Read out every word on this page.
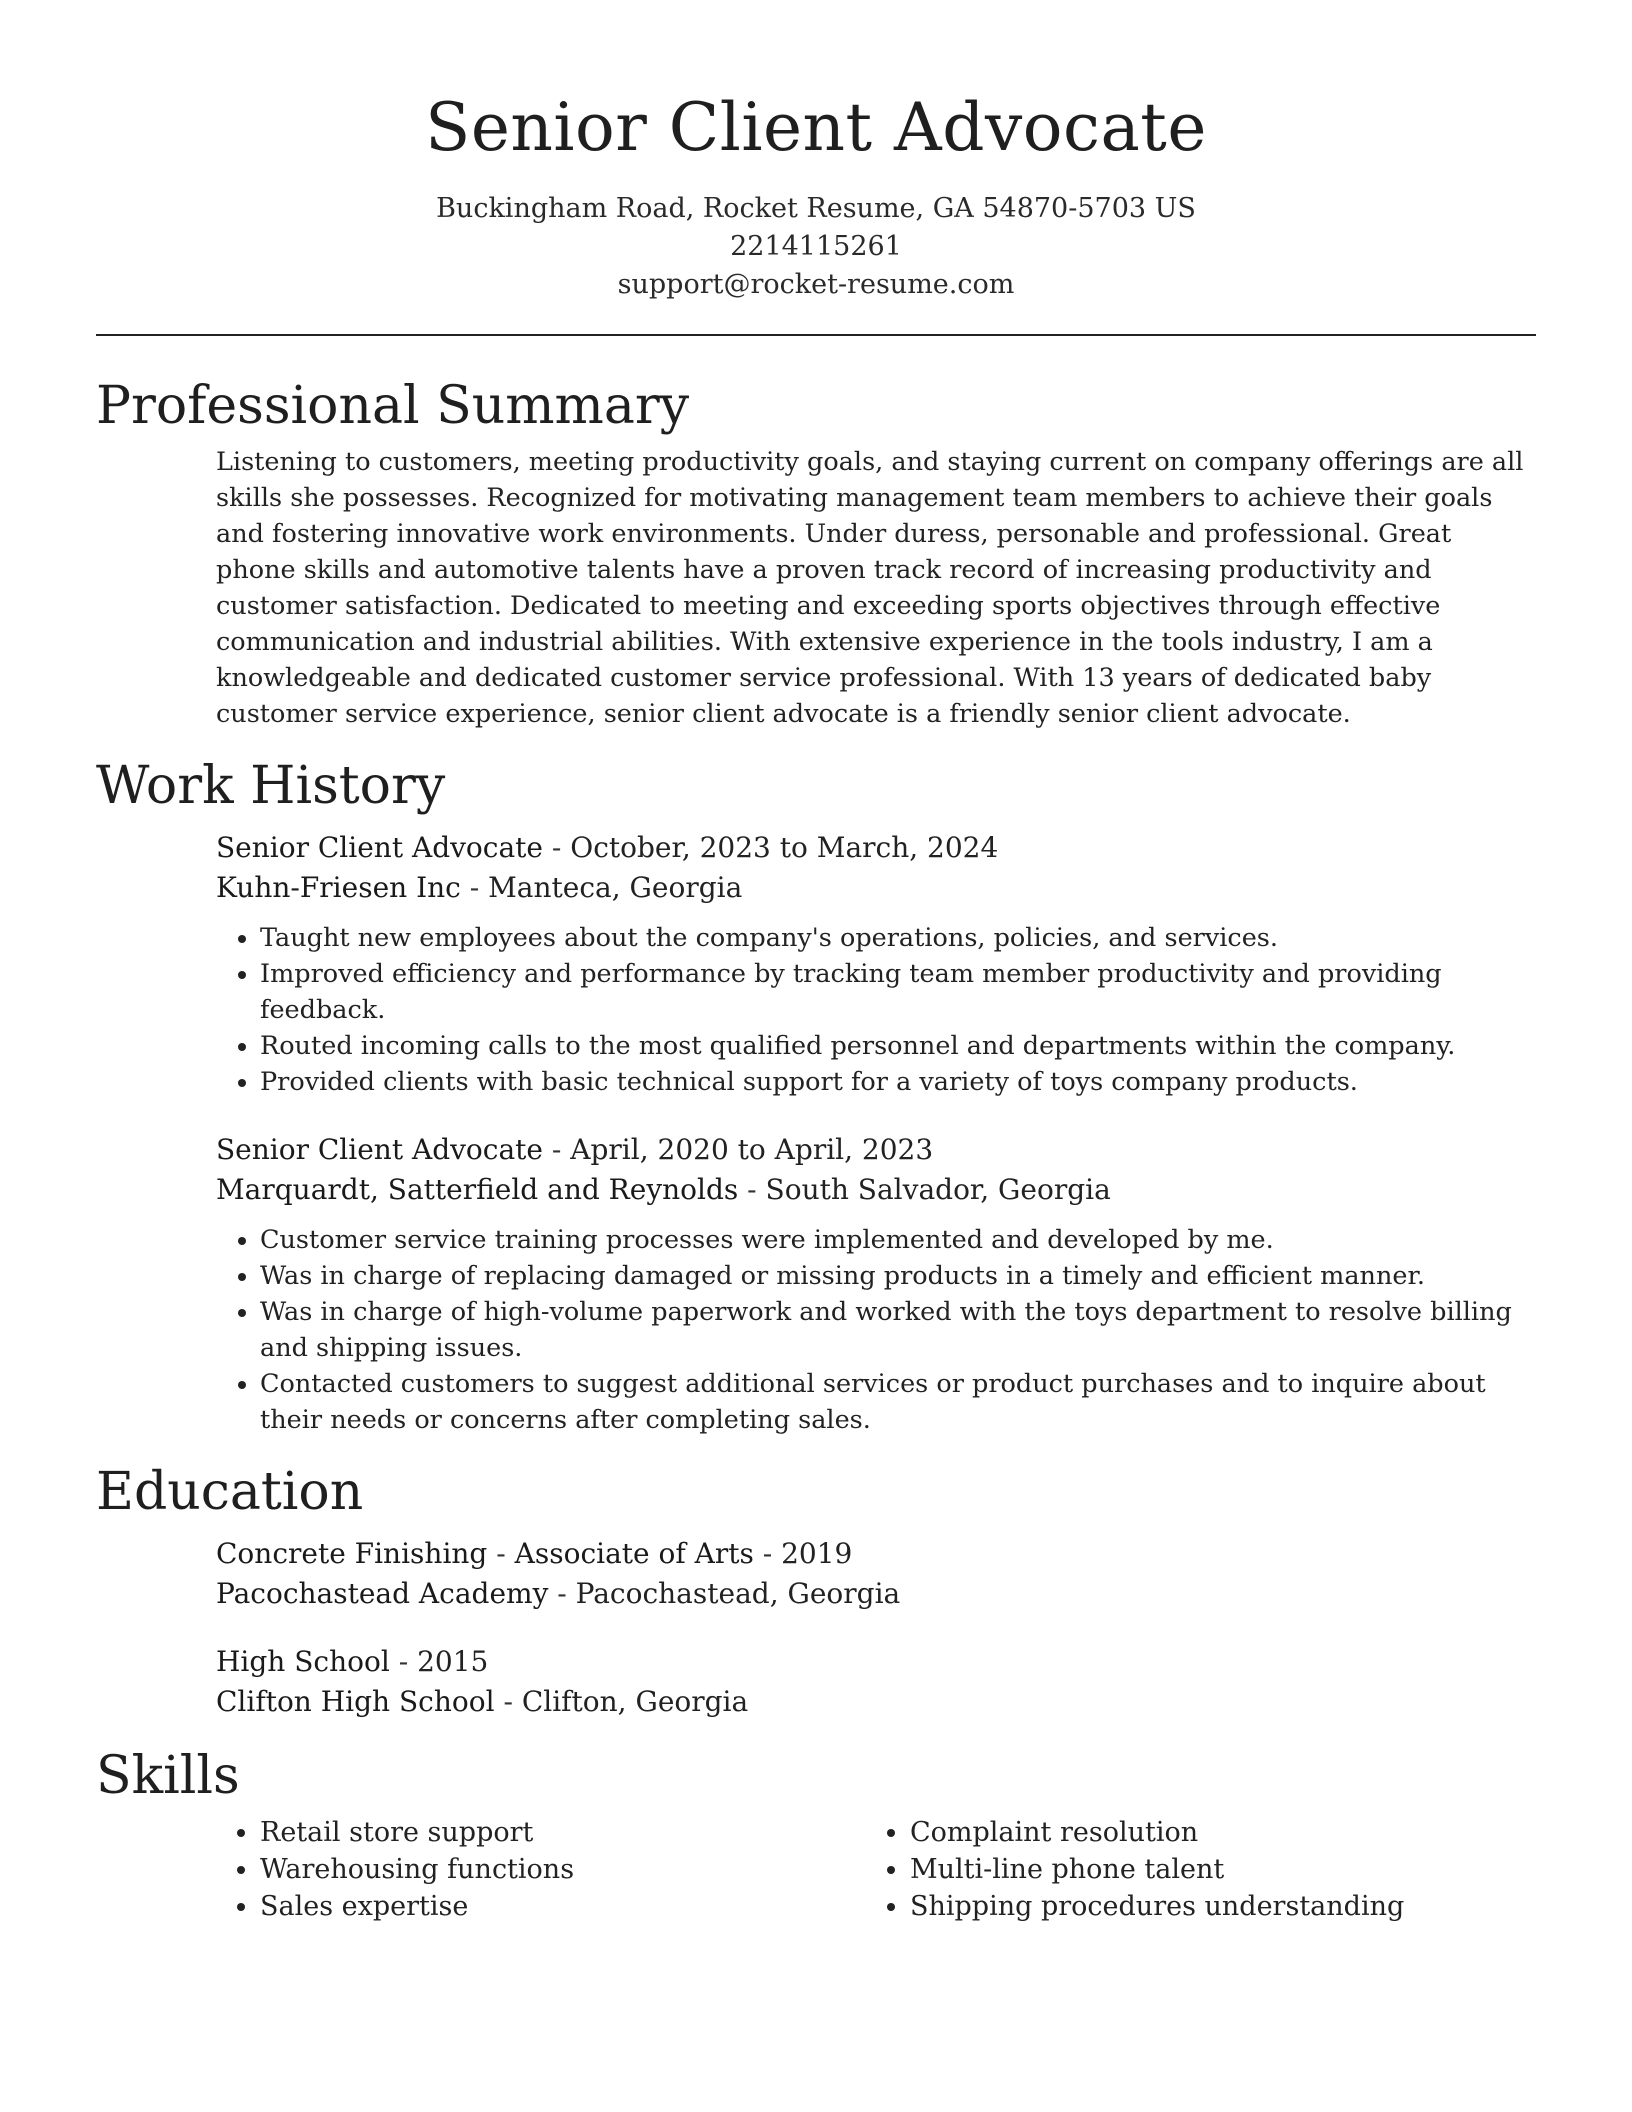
Senior Client Advocate
Buckingham Road, Rocket Resume, GA 54870-5703 US
2214115261
support@rocket-resume.com
Professional Summary

Listening to customers, meeting productivity goals, and staying current on company offerings are all skills she possesses. Recognized for motivating management team members to achieve their goals and fostering innovative work environments. Under duress, personable and professional. Great phone skills and automotive talents have a proven track record of increasing productivity and customer satisfaction. Dedicated to meeting and exceeding sports objectives through effective communication and industrial abilities. With extensive experience in the tools industry, I am a knowledgeable and dedicated customer service professional. With 13 years of dedicated baby customer service experience, senior client advocate is a friendly senior client advocate.

Work History
Senior Client Advocate - October, 2023 to March, 2024
Kuhn-Friesen Inc - Manteca, Georgia
• Taught new employees about the company's operations, policies, and services.
• Improved efficiency and performance by tracking team member productivity and providing feedback.
• Routed incoming calls to the most qualified personnel and departments within the company.
• Provided clients with basic technical support for a variety of toys company products.
Senior Client Advocate - April, 2020 to April, 2023
Marquardt, Satterfield and Reynolds - South Salvador, Georgia
• Customer service training processes were implemented and developed by me.
• Was in charge of replacing damaged or missing products in a timely and efficient manner.
• Was in charge of high-volume paperwork and worked with the toys department to resolve billing and shipping issues.
• Contacted customers to suggest additional services or product purchases and to inquire about their needs or concerns after completing sales.
Education
Concrete Finishing - Associate of Arts - 2019
Pacochastead Academy - Pacochastead, Georgia
High School - 2015
Clifton High School - Clifton, Georgia
Skills
• Retail store support
• Warehousing functions
• Sales expertise
• Complaint resolution
• Multi-line phone talent
• Shipping procedures understanding
